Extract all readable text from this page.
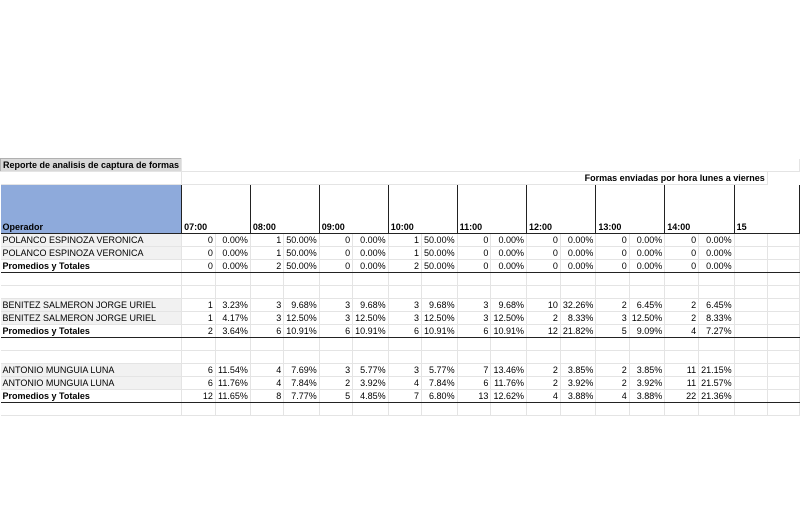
Reporte de analisis de captura de formas																		
	Formas enviadas por hora lunes a viernes																	
Operador	07:00		08:00		09:00		10:00		11:00		12:00		13:00		14:00		15	
POLANCO ESPINOZA VERONICA	0	0.00%	1	50.00%	0	0.00%	1	50.00%	0	0.00%	0	0.00%	0	0.00%	0	0.00%		
POLANCO ESPINOZA VERONICA	0	0.00%	1	50.00%	0	0.00%	1	50.00%	0	0.00%	0	0.00%	0	0.00%	0	0.00%		
Promedios y Totales	0	0.00%	2	50.00%	0	0.00%	2	50.00%	0	0.00%	0	0.00%	0	0.00%	0	0.00%		

BENITEZ SALMERON JORGE URIEL	1	3.23%	3	9.68%	3	9.68%	3	9.68%	3	9.68%	10	32.26%	2	6.45%	2	6.45%		
BENITEZ SALMERON JORGE URIEL	1	4.17%	3	12.50%	3	12.50%	3	12.50%	3	12.50%	2	8.33%	3	12.50%	2	8.33%		
Promedios y Totales	2	3.64%	6	10.91%	6	10.91%	6	10.91%	6	10.91%	12	21.82%	5	9.09%	4	7.27%		

ANTONIO MUNGUIA LUNA	6	11.54%	4	7.69%	3	5.77%	3	5.77%	7	13.46%	2	3.85%	2	3.85%	11	21.15%		
ANTONIO MUNGUIA LUNA	6	11.76%	4	7.84%	2	3.92%	4	7.84%	6	11.76%	2	3.92%	2	3.92%	11	21.57%		
Promedios y Totales	12	11.65%	8	7.77%	5	4.85%	7	6.80%	13	12.62%	4	3.88%	4	3.88%	22	21.36%		
